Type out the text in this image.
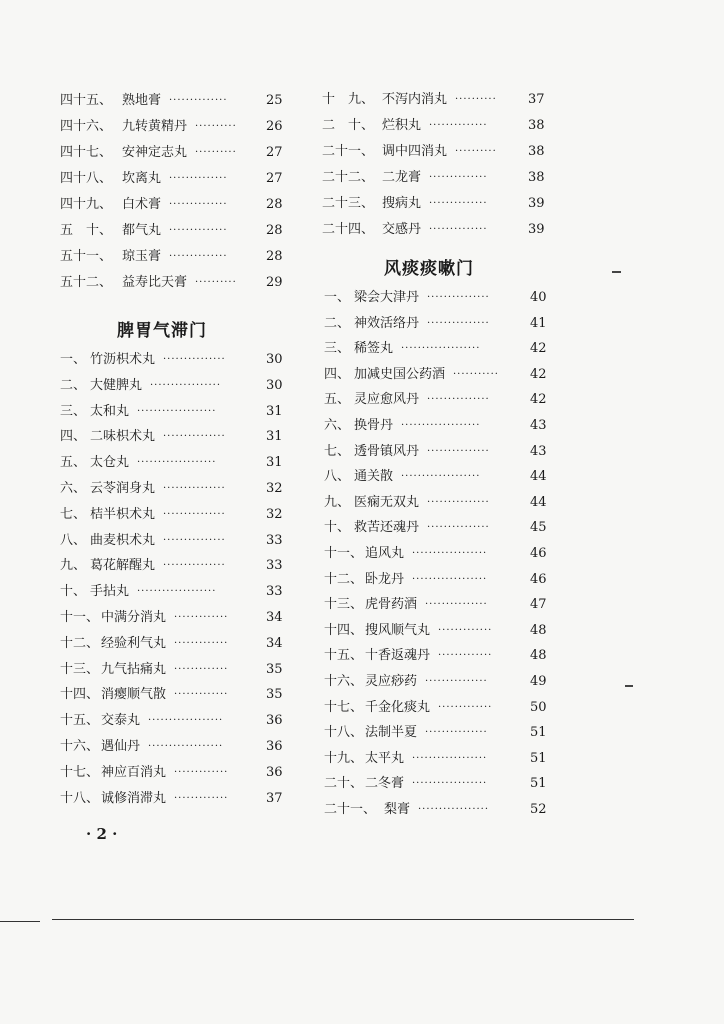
四十五、 熟地膏 ··············	25
四十六、 九转黄精丹 ·········· 26
四十七、 安神定志丸 ·········· 27
四十八、 坎离丸 ··············	27
四十九、 白术膏 ··············	28
五　十、 都气丸 ··············	28
五十一、 琼玉膏 ··············	28
五十二、 益寿比天膏 ·········· 29
一、 竹沥枳术丸 ···············	30
二、 大健脾丸 ·················	30
三、 太和丸 ···················	31
四、 二味枳术丸 ···············	31
五、 太仓丸 ···················	31
六、 云苓润身丸 ···············	32
七、 桔半枳术丸 ···············	32
八、 曲麦枳术丸 ···············	33
九、 葛花解醒丸 ···············	33
十、 手拈丸 ···················	33
十一、 中满分消丸 ·············	34
十二、 经验利气丸 ·············	34
十三、 九气拈痛丸 ·············	35
十四、 消瘿顺气散 ·············	35
十五、 交泰丸 ··················	36
十六、 遇仙丹 ··················	36
十七、 神应百消丸 ·············	36
十八、 诚修消滞丸 ·············	37
十　九、 不泻内消丸 ·········· 37
二　十、 烂积丸 ··············	38
二十一、 调中四消丸 ·········· 38
二十二、 二龙膏 ··············	38
二十三、 搜病丸 ··············	39
二十四、 交感丹 ··············	39
一、 梁会大津丹 ···············	40
二、 神效活络丹 ···············	41
三、 稀签丸 ···················	42
四、 加减史国公药酒 ··········· 42
五、 灵应愈风丹 ···············	42
六、 换骨丹 ···················	43
七、 透骨镇风丹 ···············	43
八、 通关散 ···················	44
九、 医痫无双丸 ···············	44
十、 救苦还魂丹 ···············	45
十一、 追风丸 ··················	46
十二、 卧龙丹 ··················	46
十三、 虎骨药酒 ···············	47
十四、 搜风顺气丸 ·············	48
十五、 十香返魂丹 ·············	48
十六、 灵应痧药 ···············	49
十七、 千金化痰丸 ·············	50
十八、 法制半夏 ···············	51
十九、 太平丸 ··················	51
二十、 二冬膏 ··················	51
二十一、 梨膏 ·················	52
脾胃气滞门
风痰痰嗽门
· 2 ·
